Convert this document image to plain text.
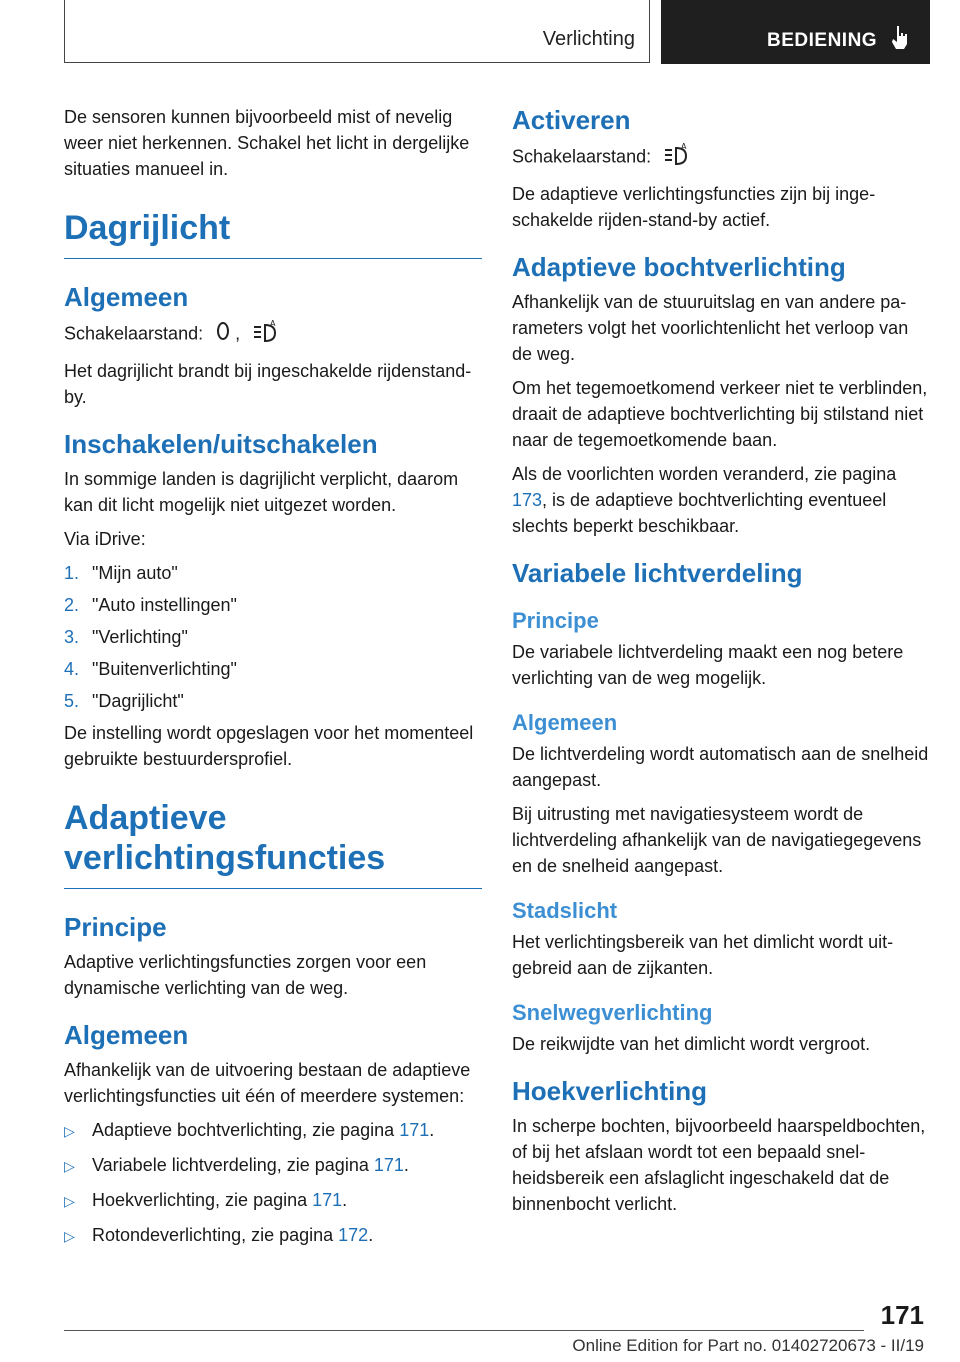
Verlichting	BEDIENING

De sensoren kunnen bijvoorbeeld mist of nevelig weer niet herkennen. Schakel het licht in dergelijke situaties manueel in.

Dagrijlicht
Algemeen

Schakelaarstand: ,	A

Het dagrijlicht brandt bij ingeschakelde rijdenstand-by.

Inschakelen/uitschakelen

In sommige landen is dagrijlicht verplicht, daarom kan dit licht mogelijk niet uitgezet worden.

Via iDrive:

1. "Mijn auto"
2. "Auto instellingen"
3. "Verlichting"
4. "Buitenverlichting"
5. "Dagrijlicht"

De instelling wordt opgeslagen voor het momenteel gebruikte bestuurdersprofiel.

Adaptieve
verlichtingsfuncties
Principe

Adaptive verlichtingsfuncties zorgen voor een dynamische verlichting van de weg.

Algemeen

Afhankelijk van de uitvoering bestaan de adaptieve verlichtingsfuncties uit één of meerdere systemen:

▷ Adaptieve bochtverlichting, zie pagina 171.
▷ Variabele lichtverdeling, zie pagina 171.
▷ Hoekverlichting, zie pagina 171.
▷ Rotondeverlichting, zie pagina 172.
Activeren

Schakelaarstand:	A

De adaptieve verlichtingsfuncties zijn bij ingeschakelde rijden-stand-by actief.

Adaptieve bochtverlichting

Afhankelijk van de stuuruitslag en van andere parameters volgt het voorlichtenlicht het verloop van de weg.

Om het tegemoetkomend verkeer niet te verblinden, draait de adaptieve bochtverlichting bij stilstand niet naar de tegemoetkomende baan.

Als de voorlichten worden veranderd, zie pagina 173, is de adaptieve bochtverlichting eventueel slechts beperkt beschikbaar.

Variabele lichtverdeling
Principe

De variabele lichtverdeling maakt een nog betere verlichting van de weg mogelijk.

Algemeen

De lichtverdeling wordt automatisch aan de snelheid aangepast.

Bij uitrusting met navigatiesysteem wordt de lichtverdeling afhankelijk van de navigatiegegevens en de snelheid aangepast.

Stadslicht

Het verlichtingsbereik van het dimlicht wordt uitgebreid aan de zijkanten.

Snelwegverlichting

De reikwijdte van het dimlicht wordt vergroot.

Hoekverlichting

In scherpe bochten, bijvoorbeeld haarspeldbochten, of bij het afslaan wordt tot een bepaald snelheidsbereik een afslaglicht ingeschakeld dat de binnenbocht verlicht.

171
Online Edition for Part no. 01402720673 - II/19
